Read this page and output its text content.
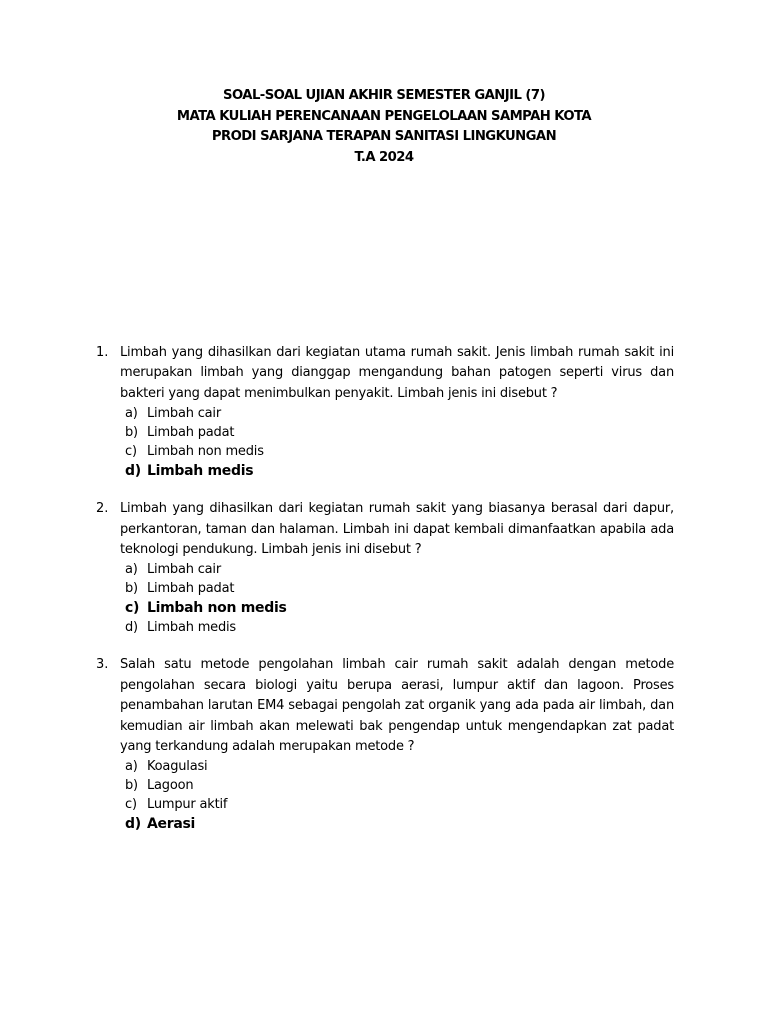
SOAL-SOAL UJIAN AKHIR SEMESTER GANJIL (7)
MATA KULIAH PERENCANAAN PENGELOLAAN SAMPAH KOTA
PRODI SARJANA TERAPAN SANITASI LINGKUNGAN
T.A 2024
1. Limbah yang dihasilkan dari kegiatan utama rumah sakit. Jenis limbah rumah sakit ini merupakan limbah yang dianggap mengandung bahan patogen seperti virus dan bakteri yang dapat menimbulkan penyakit. Limbah jenis ini disebut ?
a) Limbah cair
b) Limbah padat
c) Limbah non medis
d) Limbah medis
2. Limbah yang dihasilkan dari kegiatan rumah sakit yang biasanya berasal dari dapur, perkantoran, taman dan halaman. Limbah ini dapat kembali dimanfaatkan apabila ada teknologi pendukung. Limbah jenis ini disebut ?
a) Limbah cair
b) Limbah padat
c) Limbah non medis
d) Limbah medis
3. Salah satu metode pengolahan limbah cair rumah sakit adalah dengan metode pengolahan secara biologi yaitu berupa aerasi, lumpur aktif dan lagoon. Proses penambahan larutan EM4 sebagai pengolah zat organik yang ada pada air limbah, dan kemudian air limbah akan melewati bak pengendap untuk mengendapkan zat padat yang terkandung adalah merupakan metode ?
a) Koagulasi
b) Lagoon
c) Lumpur aktif
d) Aerasi
